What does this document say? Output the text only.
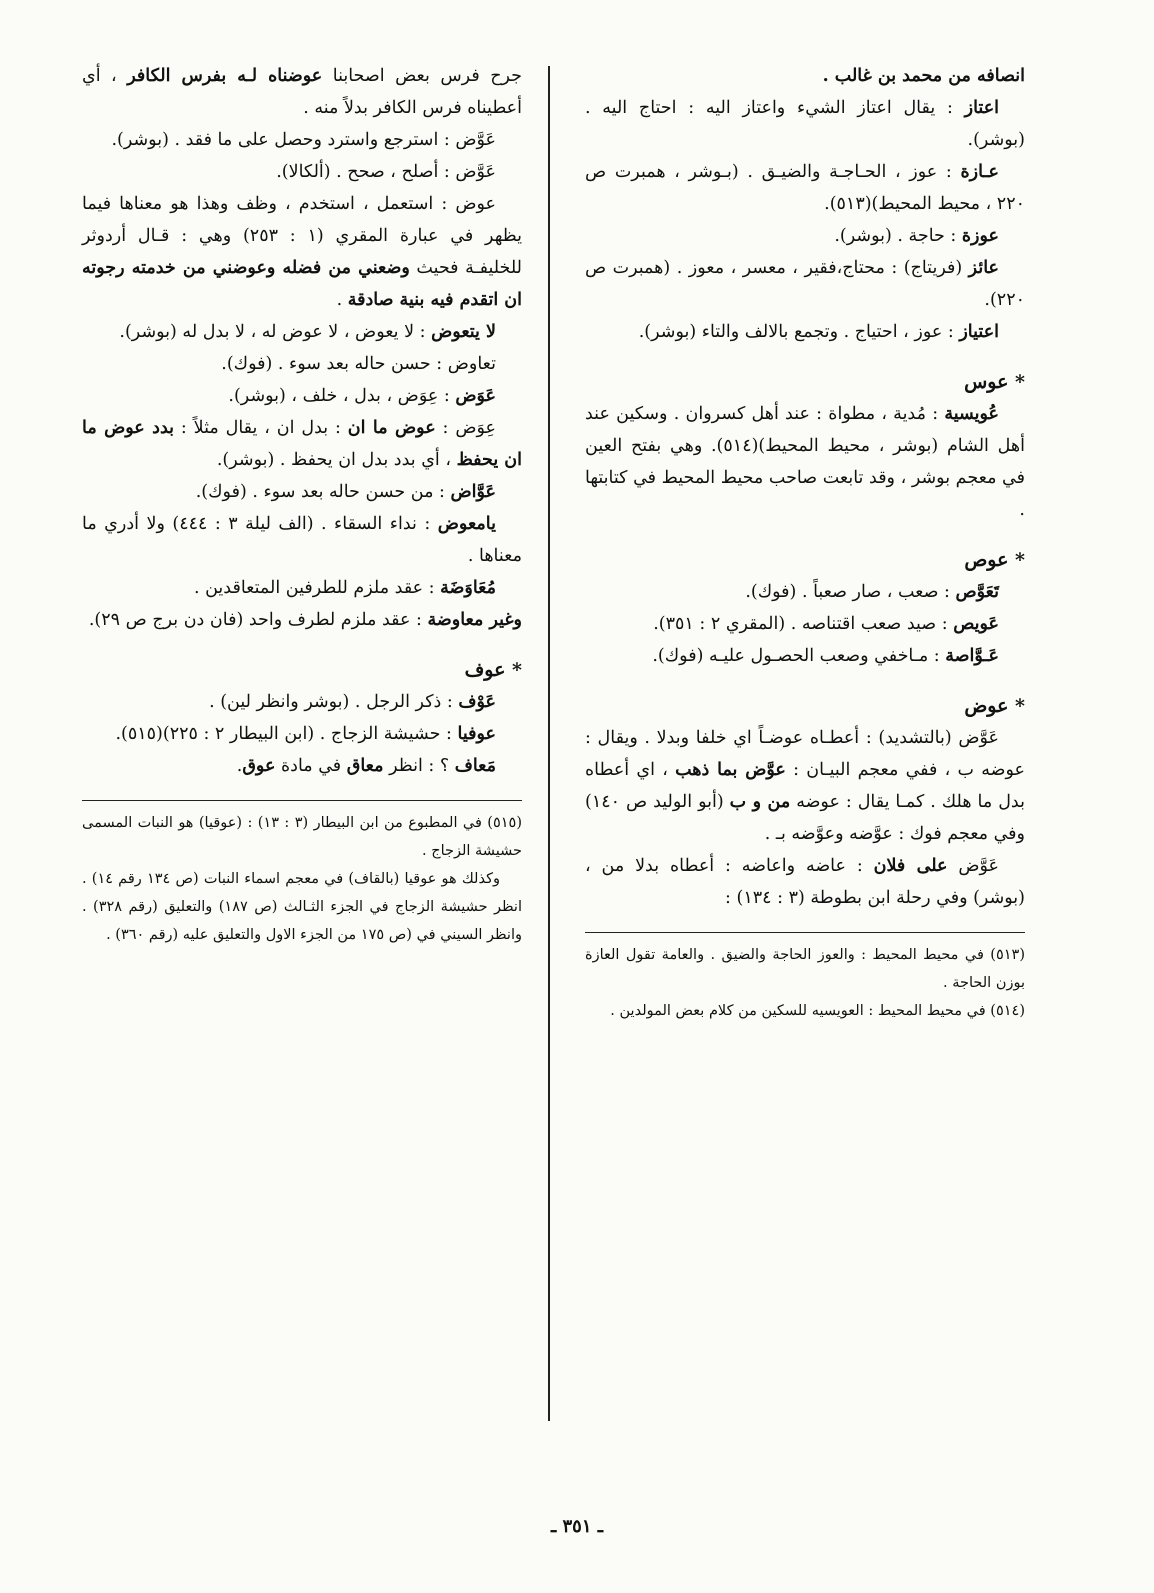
انصافه من محمد بن غالب .

اعتاز : يقال اعتاز الشيء واعتاز اليه : احتاج اليه . (بوشر).

عـازة : عوز ، الحـاجـة والضيـق . (بـوشر ، همبرت ص ٢٢٠ ، محيط المحيط)(٥١٣).

عوزة : حاجة . (بوشر).

عائز (فريتاج) : محتاج،فقير ، معسر ، معوز . (همبرت ص ٢٢٠).

اعتياز : عوز ، احتياج . وتجمع بالالف والتاء (بوشر).

* عوس

عُويسية : مُدية ، مطواة : عند أهل كسروان . وسكين عند أهل الشام (بوشر ، محيط المحيط)(٥١٤). وهي بفتح العين في معجم بوشر ، وقد تابعت صاحب محيط المحيط في كتابتها .

* عوص

تَعَوَّص : صعب ، صار صعباً . (فوك).

عَويص : صيد صعب اقتناصه . (المقري ٢ : ٣٥١).

عَـوَّاصة : مـاخفي وصعب الحصـول عليـه (فوك).

* عوض

عَوَّض (بالتشديد) : أعطـاه عوضـاً اي خلفا وبدلا . ويقال : عوضه ب ، ففي معجم البيـان : عوَّض بما ذهب ، اي أعطاه بدل ما هلك . كمـا يقال : عوضه من و ب (أبو الوليد ص ١٤٠) وفي معجم فوك : عوَّضه وعوَّضه بـ .

عَوَّض على فلان : عاضه واعاضه : أعطاه بدلا من ، (بوشر) وفي رحلة ابن بطوطة (٣ : ١٣٤) :

(٥١٣) في محيط المحيط : والعوز الحاجة والضيق . والعامة تقول العازة بوزن الحاجة .

(٥١٤) في محيط المحيط : العويسيه للسكين من كلام بعض المولدين .

جرح فرس بعض اصحابنا عوضناه لـه بفرس الكافر ، أي أعطيناه فرس الكافر بدلاً منه .

عَوَّض : استرجع واسترد وحصل على ما فقد . (بوشر).

عَوَّض : أصلح ، صحح . (ألكالا).

عوض : استعمل ، استخدم ، وظف وهذا هو معناها فيما يظهر في عبارة المقري (١ : ٢٥٣) وهي : قـال أردوثر للخليفـة فحيث وضعني من فضله وعوضني من خدمته رجوته ان اتقدم فيه بنية صادقة .

لا يتعوض : لا يعوض ، لا عوض له ، لا بدل له (بوشر).

تعاوض : حسن حاله بعد سوء . (فوك).

عَوَض : عِوَض ، بدل ، خلف ، (بوشر).

عِوَض : عوض ما ان : بدل ان ، يقال مثلاً : بدد عوض ما ان يحفظ ، أي بدد بدل ان يحفظ . (بوشر).

عَوَّاض : من حسن حاله بعد سوء . (فوك).

يامعوض : نداء السقاء . (الف ليلة ٣ : ٤٤٤) ولا أدري ما معناها .

مُعَاوَضَة : عقد ملزم للطرفين المتعاقدين .

وغير معاوضة : عقد ملزم لطرف واحد (فان دن برج ص ٢٩).

* عوف

عَوْف : ذكر الرجل . (بوشر وانظر لين) .

عوفيا : حشيشة الزجاج . (ابن البيطار ٢ : ٢٢٥)(٥١٥).

مَعاف ؟ : انظر معاق في مادة عوق.

(٥١٥) في المطبوع من ابن البيطار (٣ : ١٣) : (عوقيا) هو النبات المسمى حشيشة الزجاج .

وكذلك هو عوقيا (بالقاف) في معجم اسماء النبات (ص ١٣٤ رقم ١٤) . انظر حشيشة الزجاج في الجزء الثـالث (ص ١٨٧) والتعليق (رقم ٣٢٨) . وانظر السيني في (ص ١٧٥ من الجزء الاول والتعليق عليه (رقم ٣٦٠) .

ـ ٣٥١ ـ
